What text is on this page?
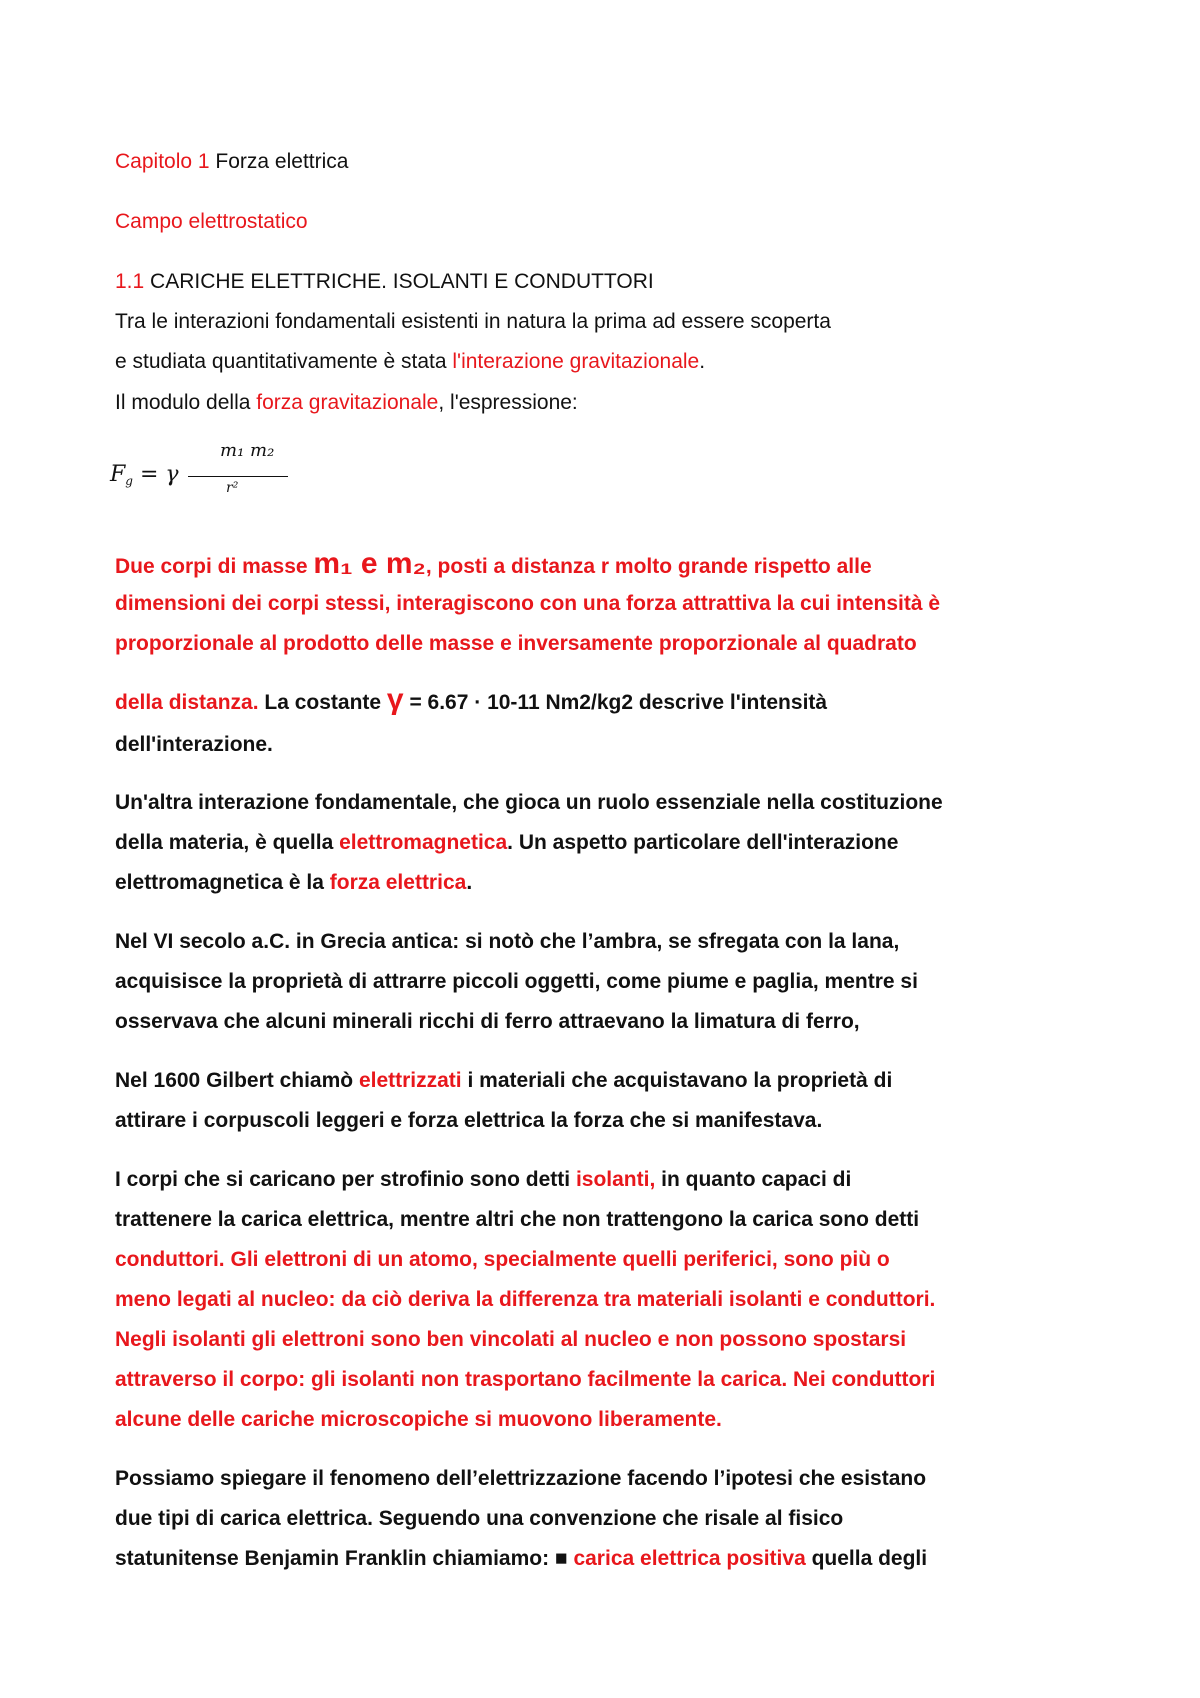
Capitolo 1 Forza elettrica
Campo elettrostatico
1.1 CARICHE ELETTRICHE. ISOLANTI E CONDUTTORI
Tra le interazioni fondamentali esistenti in natura la prima ad essere scoperta
e studiata quantitativamente è stata l'interazione gravitazionale.
Il modulo della forza gravitazionale, l'espressione:
$F_g = \gamma$
m₁ m₂
r²
Due corpi di masse m₁ e m₂, posti a distanza r molto grande rispetto alle
dimensioni dei corpi stessi, interagiscono con una forza attrattiva la cui intensità è
proporzionale al prodotto delle masse e inversamente proporzionale al quadrato
della distanza. La costante γ = 6.67 · 10-11 Nm2/kg2 descrive l'intensità
dell'interazione.
Un'altra interazione fondamentale, che gioca un ruolo essenziale nella costituzione
della materia, è quella elettromagnetica. Un aspetto particolare dell'interazione
elettromagnetica è la forza elettrica.
Nel VI secolo a.C. in Grecia antica: si notò che l’ambra, se sfregata con la lana,
acquisisce la proprietà di attrarre piccoli oggetti, come piume e paglia, mentre si
osservava che alcuni minerali ricchi di ferro attraevano la limatura di ferro,
Nel 1600 Gilbert chiamò elettrizzati i materiali che acquistavano la proprietà di
attirare i corpuscoli leggeri e forza elettrica la forza che si manifestava.
I corpi che si caricano per strofinio sono detti isolanti, in quanto capaci di
trattenere la carica elettrica, mentre altri che non trattengono la carica sono detti
conduttori. Gli elettroni di un atomo, specialmente quelli periferici, sono più o
meno legati al nucleo: da ciò deriva la differenza tra materiali isolanti e conduttori.
Negli isolanti gli elettroni sono ben vincolati al nucleo e non possono spostarsi
attraverso il corpo: gli isolanti non trasportano facilmente la carica. Nei conduttori
alcune delle cariche microscopiche si muovono liberamente.
Possiamo spiegare il fenomeno dell’elettrizzazione facendo l’ipotesi che esistano
due tipi di carica elettrica. Seguendo una convenzione che risale al fisico
statunitense Benjamin Franklin chiamiamo: ■ carica elettrica positiva quella degli
